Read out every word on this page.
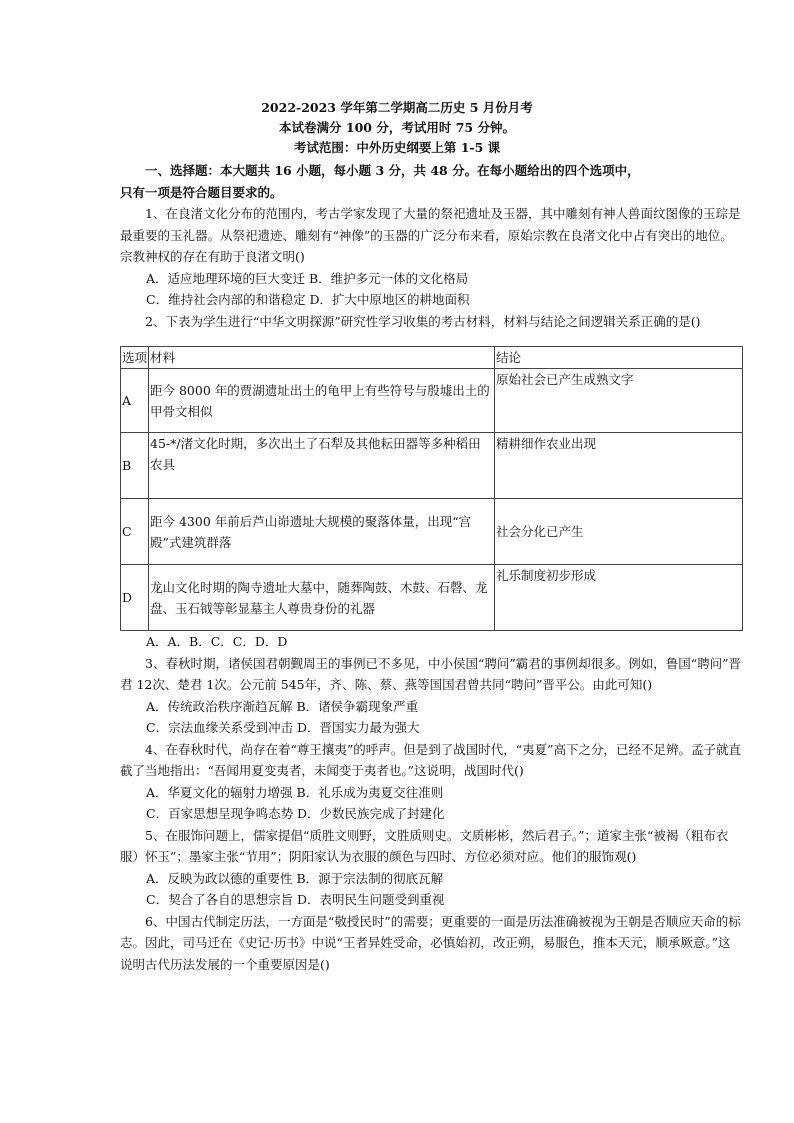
2022-2023 学年第二学期高二历史 5 月份月考
本试卷满分 100 分，考试用时 75 分钟。
考试范围：中外历史纲要上第 1-5 课

一、选择题：本大题共 16 小题，每小题 3 分，共 48 分。在每小题给出的四个选项中，

只有一项是符合题目要求的。

1、在良渚文化分布的范围内，考古学家发现了大量的祭祀遗址及玉器，其中雕刻有神人兽面纹图像的玉琮是最重要的玉礼器。从祭祀遗迹、雕刻有“神像”的玉器的广泛分布来看，原始宗教在良渚文化中占有突出的地位。宗教神权的存在有助于良渚文明()

A．适应地理环境的巨大变迁 B．维护多元一体的文化格局

C．维持社会内部的和谐稳定 D．扩大中原地区的耕地面积

2、下表为学生进行“中华文明探源”研究性学习收集的考古材料，材料与结论之间逻辑关系正确的是()

选项	材料	结论
A	距今 8000 年的贾湖遗址出土的龟甲上有些符号与殷墟出土的甲骨文相似	原始社会已产生成熟文字
B	45-*/渚文化时期，多次出土了石犁及其他耘田器等多种稻田农具	精耕细作农业出现
C	距今 4300 年前后芦山峁遗址大规模的聚落体量，出现“宫殿”式建筑群落	社会分化已产生
D	龙山文化时期的陶寺遗址大墓中，随葬陶鼓、木鼓、石磬、龙盘、玉石钺等彰显墓主人尊贵身份的礼器	礼乐制度初步形成

A．A．B．C．C．D．D

3、春秋时期，诸侯国君朝觐周王的事例已不多见，中小侯国“聘问”霸君的事例却很多。例如，鲁国“聘问”晋君 12次、楚君 1次。公元前 545年，齐、陈、蔡、燕等国国君曾共同“聘问”晋平公。由此可知()

A．传统政治秩序渐趋瓦解 B．诸侯争霸现象严重

C．宗法血缘关系受到冲击 D．晋国实力最为强大

4、在春秋时代，尚存在着“尊王攘夷”的呼声。但是到了战国时代，“夷夏”高下之分，已经不足辨。孟子就直截了当地指出：“吾闻用夏变夷者，未闻变于夷者也。”这说明，战国时代()

A．华夏文化的辐射力增强 B．礼乐成为夷夏交往准则

C．百家思想呈现争鸣态势 D．少数民族完成了封建化

5、在服饰问题上，儒家提倡“质胜文则野，文胜质则史。文质彬彬，然后君子。”；道家主张“被褐（粗布衣服）怀玉”；墨家主张“节用”；阴阳家认为衣服的颜色与四时、方位必须对应。他们的服饰观()

A．反映为政以德的重要性 B．源于宗法制的彻底瓦解

C．契合了各自的思想宗旨 D．表明民生问题受到重视

6、中国古代制定历法，一方面是“敬授民时”的需要；更重要的一面是历法准确被视为王朝是否顺应天命的标志。因此，司马迁在《史记·历书》中说“王者异姓受命，必慎始初，改正朔，易服色，推本天元，顺承厥意。”这说明古代历法发展的一个重要原因是()
